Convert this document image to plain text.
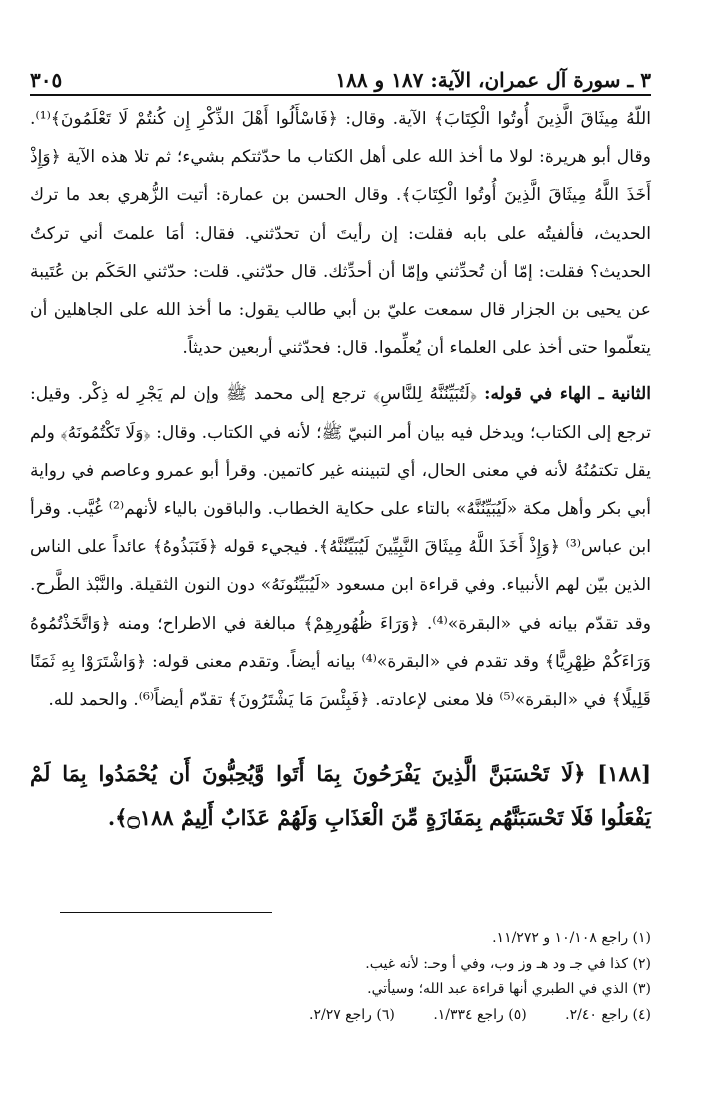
٣ ـ سورة آل عمران، الآية: ١٨٧ و ١٨٨
٣٠٥

اللّهُ مِيثَاقَ الَّذِينَ أُوتُوا الْكِتَابَ﴾ الآية. وقال: ﴿فَاسْأَلُوا أَهْلَ الذِّكْرِ إِن كُنتُمْ لَا تَعْلَمُونَ﴾⁽¹⁾. وقال أبو هريرة: لولا ما أخذ الله على أهل الكتاب ما حدّثتكم بشيء؛ ثم تلا هذه الآية ﴿وَإِذْ أَخَذَ اللَّهُ مِيثَاقَ الَّذِينَ أُوتُوا الْكِتَابَ﴾. وقال الحسن بن عمارة: أتيت الزُّهري بعد ما ترك الحديث، فألفيتُه على بابه فقلت: إن رأيتَ أن تحدّثني. فقال: أمَا علمتَ أني تركتُ الحديث؟ فقلت: إمّا أن تُحدِّثني وإمّا أن أحدِّثك. قال حدّثني. قلت: حدّثني الحَكَم بن عُتَيبة عن يحيى بن الجزار قال سمعت عليّ بن أبي طالب يقول: ما أخذ الله على الجاهلين أن يتعلّموا حتى أخذ على العلماء أن يُعلِّموا. قال: فحدّثني أربعين حديثاً.

الثانية ـ الهاء في قوله: ﴿لَتُبَيِّنُنَّهُ لِلنَّاسِ﴾ ترجع إلى محمد ﷺ وإن لم يَجْرِ له ذِكْر. وقيل: ترجع إلى الكتاب؛ ويدخل فيه بيان أمر النبيّ ﷺ؛ لأنه في الكتاب. وقال: ﴿وَلَا تَكْتُمُونَهُ﴾ ولم يقل تكتمُنُهُ لأنه في معنى الحال، أي لتبيننه غير كاتمين. وقرأ أبو عمرو وعاصم في رواية أبي بكر وأهل مكة «لَيُبَيِّنُنَّهُ» بالتاء على حكاية الخطاب. والباقون بالياء لأنهم⁽²⁾ غُيَّب. وقرأ ابن عباس⁽³⁾ ﴿وَإِذْ أَخَذَ اللَّهُ مِيثَاقَ النَّبِيِّينَ لَيُبَيِّنُنَّهُ﴾. فيجيء قوله ﴿فَنَبَذُوهُ﴾ عائداً على الناس الذين بيّن لهم الأنبياء. وفي قراءة ابن مسعود «لَيُبَيِّنُونَهُ» دون النون الثقيلة. والنَّبْذ الطَّرح. وقد تقدّم بيانه في «البقرة»⁽⁴⁾. ﴿وَرَاءَ ظُهُورِهِمْ﴾ مبالغة في الاطراح؛ ومنه ﴿وَاتَّخَذْتُمُوهُ وَرَاءَكُمْ ظِهْرِيًّا﴾ وقد تقدم في «البقرة»⁽⁴⁾ بيانه أيضاً. وتقدم معنى قوله: ﴿وَاشْتَرَوْا بِهِ ثَمَنًا قَلِيلًا﴾ في «البقرة»⁽⁵⁾ فلا معنى لإعادته. ﴿فَبِئْسَ مَا يَشْتَرُونَ﴾ تقدّم أيضاً⁽⁶⁾. والحمد لله.

[١٨٨] ﴿لَا تَحْسَبَنَّ الَّذِينَ يَفْرَحُونَ بِمَا أَتَوا وَّيُحِبُّونَ أَن يُحْمَدُوا بِمَا لَمْ يَفْعَلُوا فَلَا تَحْسَبَنَّهُم بِمَفَازَةٍ مِّنَ الْعَذَابِ وَلَهُمْ عَذَابٌ أَلِيمٌ ۝١٨٨﴾.
(١) راجع ١٠/١٠٨ و ١١/٢٧٢.
(٢) كذا في جـ ود هـ وز وب، وفي أ وحـ: لأنه غيب.
(٣) الذي في الطبري أنها قراءة عبد الله؛ وسيأتي.
(٤) راجع ٢/٤٠. (٥) راجع ١/٣٣٤. (٦) راجع ٢/٢٧.
